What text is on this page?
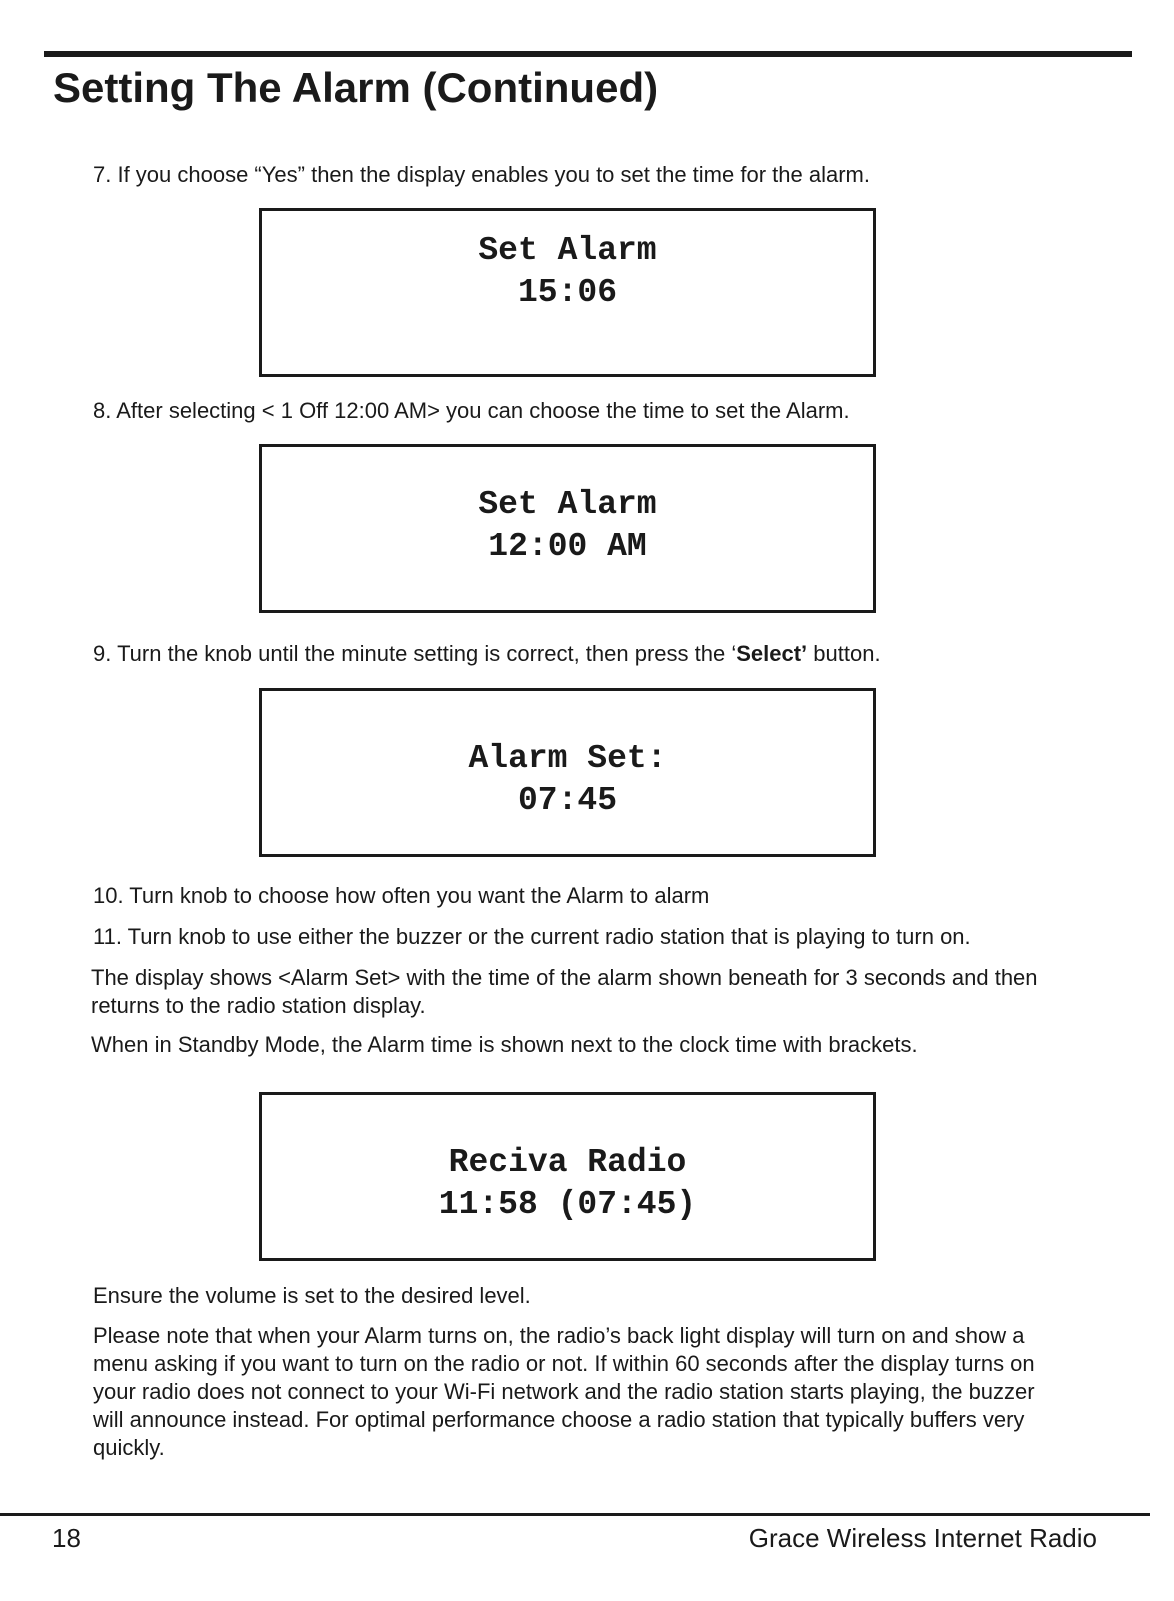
Setting The Alarm (Continued)

7. If you choose “Yes” then the display enables you to set the time for the alarm.

Set Alarm
15:06

8. After selecting < 1 Off 12:00 AM> you can choose the time to set the Alarm.

Set Alarm
12:00 AM

9. Turn the knob until the minute setting is correct, then press the ‘Select’ button.

Alarm Set:
07:45

10. Turn knob to choose how often you want the Alarm to alarm

11. Turn knob to use either the buzzer or the current radio station that is playing to turn on.

The display shows <Alarm Set> with the time of the alarm shown beneath for 3 seconds and then returns to the radio station display.

When in Standby Mode, the Alarm time is shown next to the clock time with brackets.

Reciva Radio
11:58 (07:45)

Ensure the volume is set to the desired level.

Please note that when your Alarm turns on, the radio’s back light display will turn on and show a menu asking if you want to turn on the radio or not. If within 60 seconds after the display turns on your radio does not connect to your Wi-Fi network and the radio station starts playing, the buzzer will announce instead. For optimal performance choose a radio station that typically buffers very quickly.

18	Grace Wireless Internet Radio
